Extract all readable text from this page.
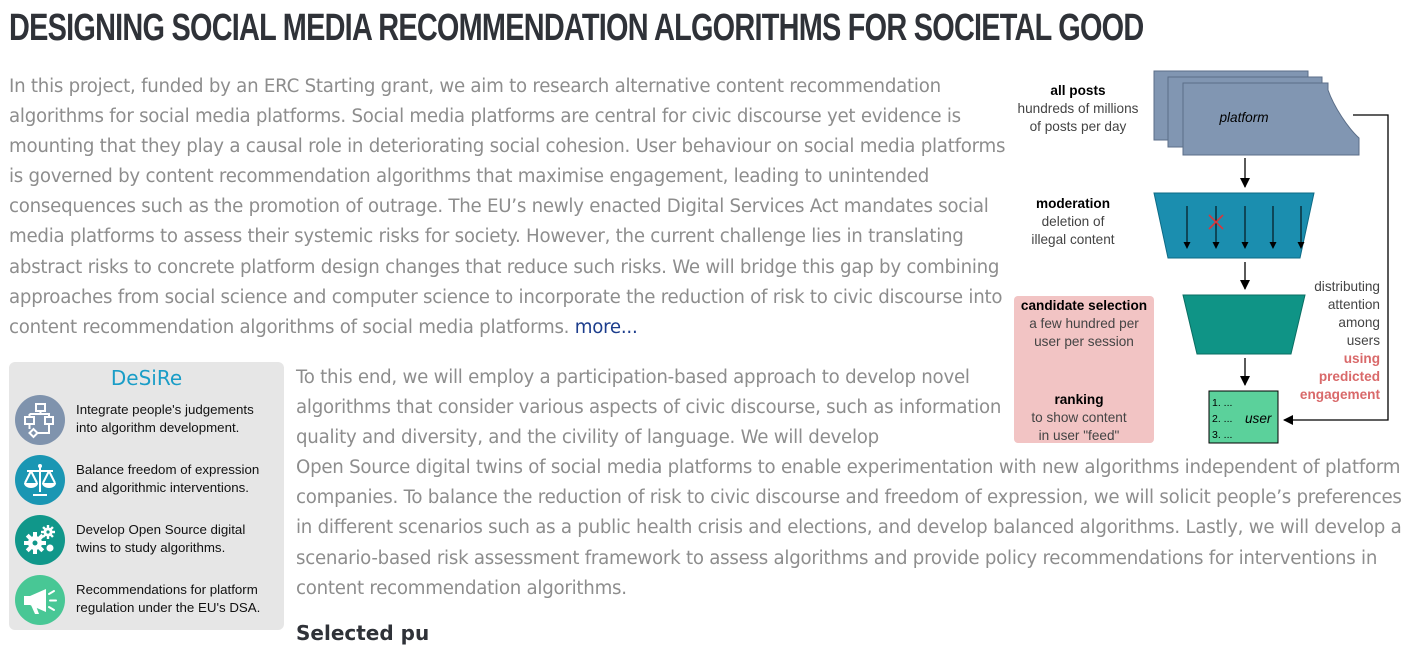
DESIGNING SOCIAL MEDIA RECOMMENDATION ALGORITHMS FOR SOCIETAL GOOD

In this project, funded by an ERC Starting grant, we aim to research alternative content recommendation algorithms for social media platforms. Social media platforms are central for civic discourse yet evidence is mounting that they play a causal role in deteriorating social cohesion. User behaviour on social media platforms is governed by content recommendation algorithms that maximise engagement, leading to unintended consequences such as the promotion of outrage. The EU’s newly enacted Digital Services Act mandates social media platforms to assess their systemic risks for society. However, the current challenge lies in translating abstract risks to concrete platform design changes that reduce such risks. We will bridge this gap by combining approaches from social science and computer science to incorporate the reduction of risk to civic discourse into content recommendation algorithms of social media platforms. more...

DeSiRe
Integrate people's judgements
into algorithm development.
Balance freedom of expression
and algorithmic interventions.
Develop Open Source digital
twins to study algorithms.
Recommendations for platform
regulation under the EU's DSA.
To this end, we will employ a participation-based approach to develop novel algorithms that consider various aspects of civic discourse, such as information quality and diversity, and the civility of language. We will develop
Open Source digital twins of social media platforms to enable experimentation with new algorithms independent of platform companies. To balance the reduction of risk to civic discourse and freedom of expression, we will solicit people’s preferences in different scenarios such as a public health crisis and elections, and develop balanced algorithms. Lastly, we will develop a scenario-based risk assessment framework to assess algorithms and provide policy recommendations for interventions in content recommendation algorithms.
Selected pu
platform
all posts
hundreds of millions
of posts per day
moderation
deletion of
illegal content
candidate selection
a few hundred per
user per session
ranking
to show content
in user "feed"
1. ...
2. ...
3. ...
user
distributing
attention
among
users
using
predicted
engagement
